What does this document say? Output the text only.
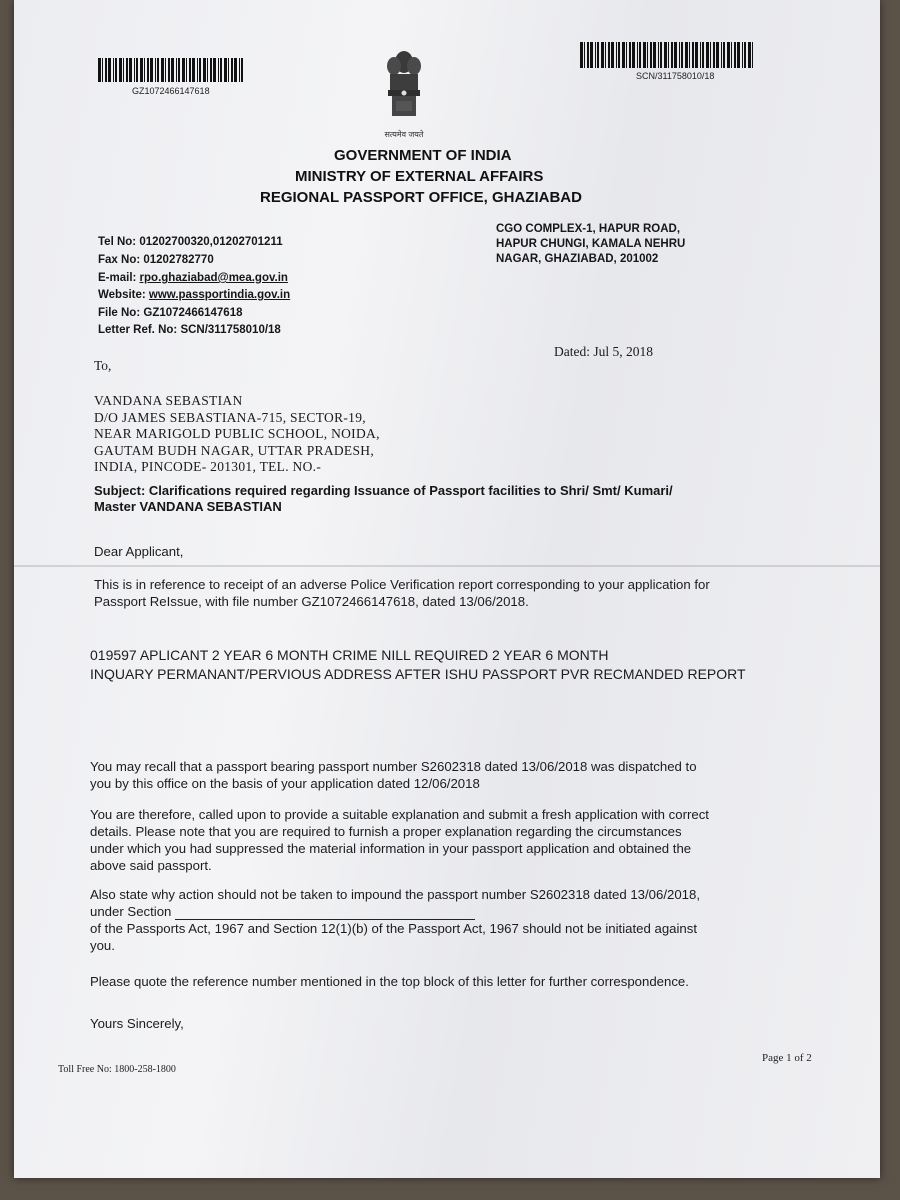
GZ1072466147618
SCN/311758010/18
सत्यमेव जयते
GOVERNMENT OF INDIA
MINISTRY OF EXTERNAL AFFAIRS
REGIONAL PASSPORT OFFICE, GHAZIABAD
CGO COMPLEX-1, HAPUR ROAD,
HAPUR CHUNGI, KAMALA NEHRU
NAGAR, GHAZIABAD, 201002
Tel No: 01202700320,01202701211
Fax No: 01202782770
E-mail: rpo.ghaziabad@mea.gov.in
Website: www.passportindia.gov.in
File No: GZ1072466147618
Letter Ref. No: SCN/311758010/18
Dated: Jul 5, 2018
To,
VANDANA SEBASTIAN
D/O JAMES SEBASTIANA-715, SECTOR-19,
NEAR MARIGOLD PUBLIC SCHOOL, NOIDA,
GAUTAM BUDH NAGAR, UTTAR PRADESH,
INDIA, PINCODE- 201301, TEL. NO.-
Subject: Clarifications required regarding Issuance of Passport facilities to Shri/ Smt/ Kumari/
Master VANDANA SEBASTIAN
Dear Applicant,
This is in reference to receipt of an adverse Police Verification report corresponding to your application for
Passport ReIssue, with file number GZ1072466147618, dated 13/06/2018.
019597 APLICANT 2 YEAR 6 MONTH CRIME NILL REQUIRED 2 YEAR 6 MONTH
INQUARY PERMANANT/PERVIOUS ADDRESS AFTER ISHU PASSPORT PVR RECMANDED REPORT
You may recall that a passport bearing passport number S2602318 dated 13/06/2018 was dispatched to
you by this office on the basis of your application dated 12/06/2018
You are therefore, called upon to provide a suitable explanation and submit a fresh application with correct
details. Please note that you are required to furnish a proper explanation regarding the circumstances
under which you had suppressed the material information in your passport application and obtained the
above said passport.
Also state why action should not be taken to impound the passport number S2602318 dated 13/06/2018,
under Section
of the Passports Act, 1967 and Section 12(1)(b) of the Passport Act, 1967 should not be initiated against
you.
Please quote the reference number mentioned in the top block of this letter for further correspondence.
Yours Sincerely,
Toll Free No: 1800-258-1800
Page 1 of 2
